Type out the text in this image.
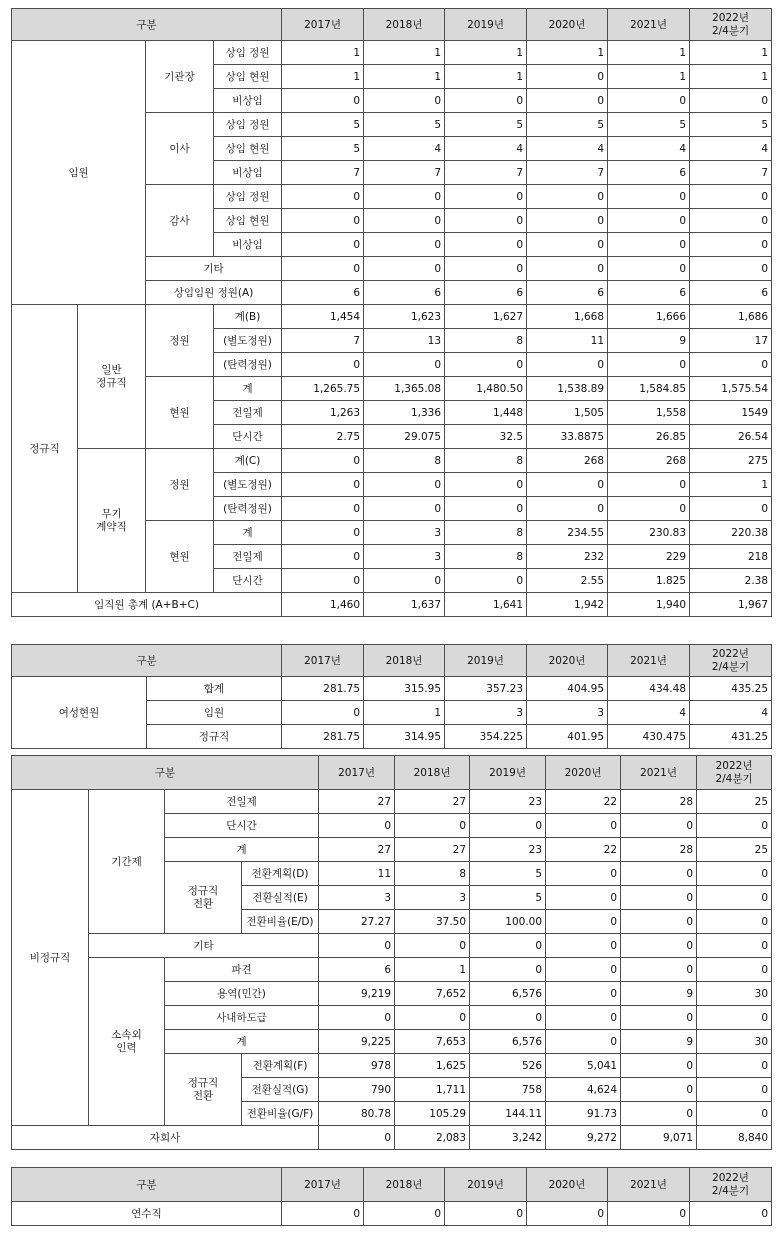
구분				2017년	2018년	2019년	2020년	2021년	2022년
2/4분기

임원		기관장	상임 정원	1	1	1	1	1	1
			상임 현원	1	1	1	0	1	1
			비상임	0	0	0	0	0	0
		이사	상임 정원	5	5	5	5	5	5
			상임 현원	5	4	4	4	4	4
			비상임	7	7	7	7	6	7
		감사	상임 정원	0	0	0	0	0	0
			상임 현원	0	0	0	0	0	0
			비상임	0	0	0	0	0	0
		기타		0	0	0	0	0	0
		상임임원 정원(A)		6	6	6	6	6	6
정규직	일반
정규직	정원	계(B)	1,454	1,623	1,627	1,668	1,666	1,686
			(별도정원)	7	13	8	11	9	17
			(탄력정원)	0	0	0	0	0	0
		현원	계	1,265.75	1,365.08	1,480.50	1,538.89	1,584.85	1,575.54
			전일제	1,263	1,336	1,448	1,505	1,558	1549
			단시간	2.75	29.075	32.5	33.8875	26.85	26.54

	무기
계약직	정원	계(C)	0	8	8	268	268	275
			(별도정원)	0	0	0	0	0	1
			(탄력정원)	0	0	0	0	0	0
		현원	계	0	3	8	234.55	230.83	220.38
			전일제	0	3	8	232	229	218
			단시간	0	0	0	2.55	1.825	2.38
임직원 총계 (A+B+C)				1,460	1,637	1,641	1,942	1,940	1,967
구분		2017년	2018년	2019년	2020년	2021년	2022년
2/4분기

여성현원	합계	281.75	315.95	357.23	404.95	434.48	435.25
	임원	0	1	3	3	4	4
	정규직	281.75	314.95	354.225	401.95	430.475	431.25
구분				2017년	2018년	2019년	2020년	2021년	2022년
2/4분기

비정규직	기간제	전일제		27	27	23	22	28	25
		단시간		0	0	0	0	0	0
		계		27	27	23	22	28	25

		정규직
전환	전환계획(D)	11	8	5	0	0	0
			전환실적(E)	3	3	5	0	0	0
			전환비율(E/D)	27.27	37.50	100.00	0	0	0
	기타			0	0	0	0	0	0

	소속외
인력	파견		6	1	0	0	0	0
		용역(민간)		9,219	7,652	6,576	0	9	30
		사내하도급		0	0	0	0	0	0
		계		9,225	7,653	6,576	0	9	30

		정규직
전환	전환계획(F)	978	1,625	526	5,041	0	0
			전환실적(G)	790	1,711	758	4,624	0	0
			전환비율(G/F)	80.78	105.29	144.11	91.73	0	0
자회사				0	2,083	3,242	9,272	9,071	8,840
구분	2017년	2018년	2019년	2020년	2021년	2022년
2/4분기

연수직	0	0	0	0	0	0
